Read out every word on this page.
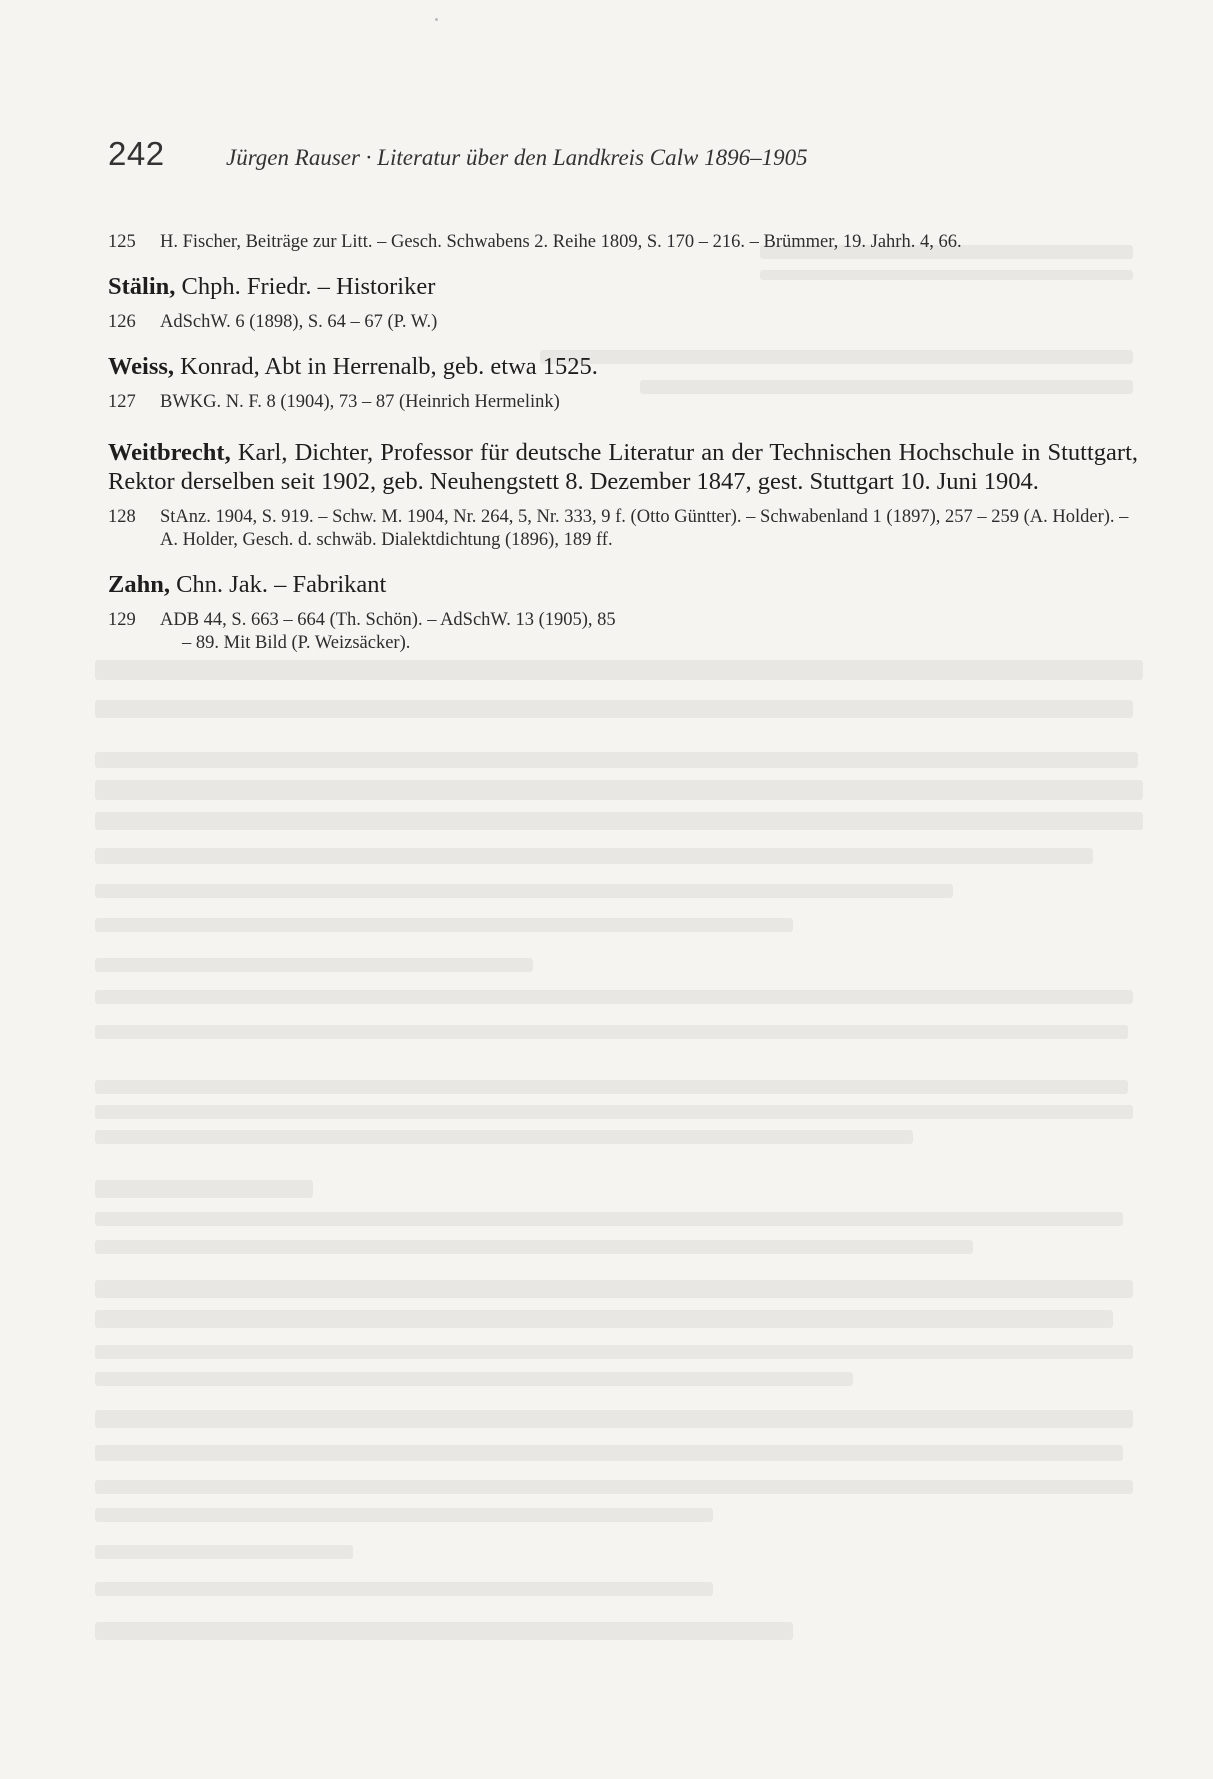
242	Jürgen Rauser · Literatur über den Landkreis Calw 1896–1905
125	H. Fischer, Beiträge zur Litt. – Gesch. Schwabens 2. Reihe 1809, S. 170 – 216. – Brümmer, 19. Jahrh. 4, 66.
Stälin, Chph. Friedr. – Historiker
126	AdSchW. 6 (1898), S. 64 – 67 (P. W.)
Weiss, Konrad, Abt in Herrenalb, geb. etwa 1525.
127	BWKG. N. F. 8 (1904), 73 – 87 (Heinrich Hermelink)
Weitbrecht, Karl, Dichter, Professor für deutsche Literatur an der Technischen Hochschule in Stuttgart, Rektor derselben seit 1902, geb. Neuhengstett 8. Dezember 1847, gest. Stuttgart 10. Juni 1904.
128	StAnz. 1904, S. 919. – Schw. M. 1904, Nr. 264, 5, Nr. 333, 9 f. (Otto Güntter). – Schwabenland 1 (1897), 257 – 259 (A. Holder). – A. Holder, Gesch. d. schwäb. Dialektdichtung (1896), 189 ff.
Zahn, Chn. Jak. – Fabrikant
129	ADB 44, S. 663 – 664 (Th. Schön). – AdSchW. 13 (1905), 85
– 89. Mit Bild (P. Weizsäcker).
